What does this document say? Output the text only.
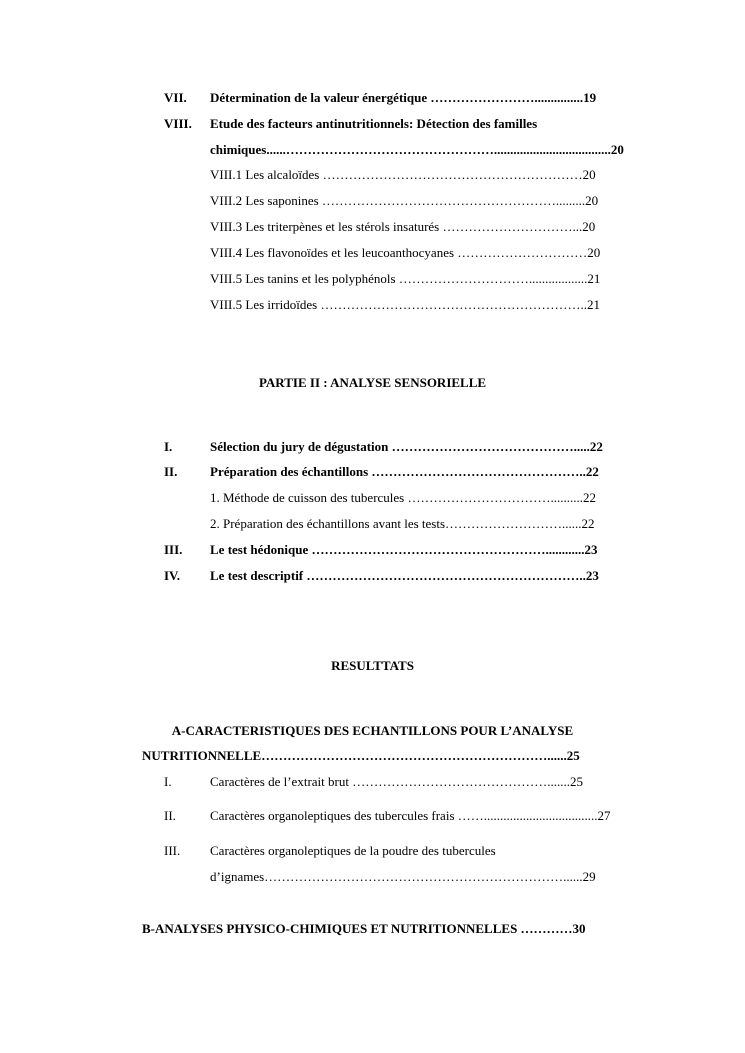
VII. Détermination de la valeur énergétique ……………………...............19
VIII. Etude des facteurs antinutritionnels: Détection des familles
chimiques......…………………………………………....................................20
VIII.1 Les alcaloïdes ……………………………………………………20
VIII.2 Les saponines ……………………………………………….........20
VIII.3 Les triterpènes et les stérols insaturés …………………………...20
VIII.4 Les flavonoïdes et les leucoanthocyanes …………………………20
VIII.5 Les tanins et les polyphénols …………………………..................21
VIII.5 Les irridoïdes ……………………………………………………..21
PARTIE II : ANALYSE SENSORIELLE
I.	Sélection du jury de dégustation …………………………………….....22
II.	Préparation des échantillons …………………………………………..22
1. Méthode de cuisson des tubercules ……………………………..........22
2. Préparation des échantillons avant les tests………………………......22
III. Le test hédonique ………………………………………………............23
IV. Le test descriptif ………………………………………………………..23
RESULTTATS
A-CARACTERISTIQUES DES ECHANTILLONS POUR L’ANALYSE
NUTRITIONNELLE…………………………………………………………......25
I.	Caractères de l’extrait brut ……………………………………….......25
II.	Caractères organoleptiques des tubercules frais ……...................................27
III. Caractères organoleptiques de la poudre des tubercules
d’ignames……………………………………………………………......29
B-ANALYSES PHYSICO-CHIMIQUES ET NUTRITIONNELLES …………30
